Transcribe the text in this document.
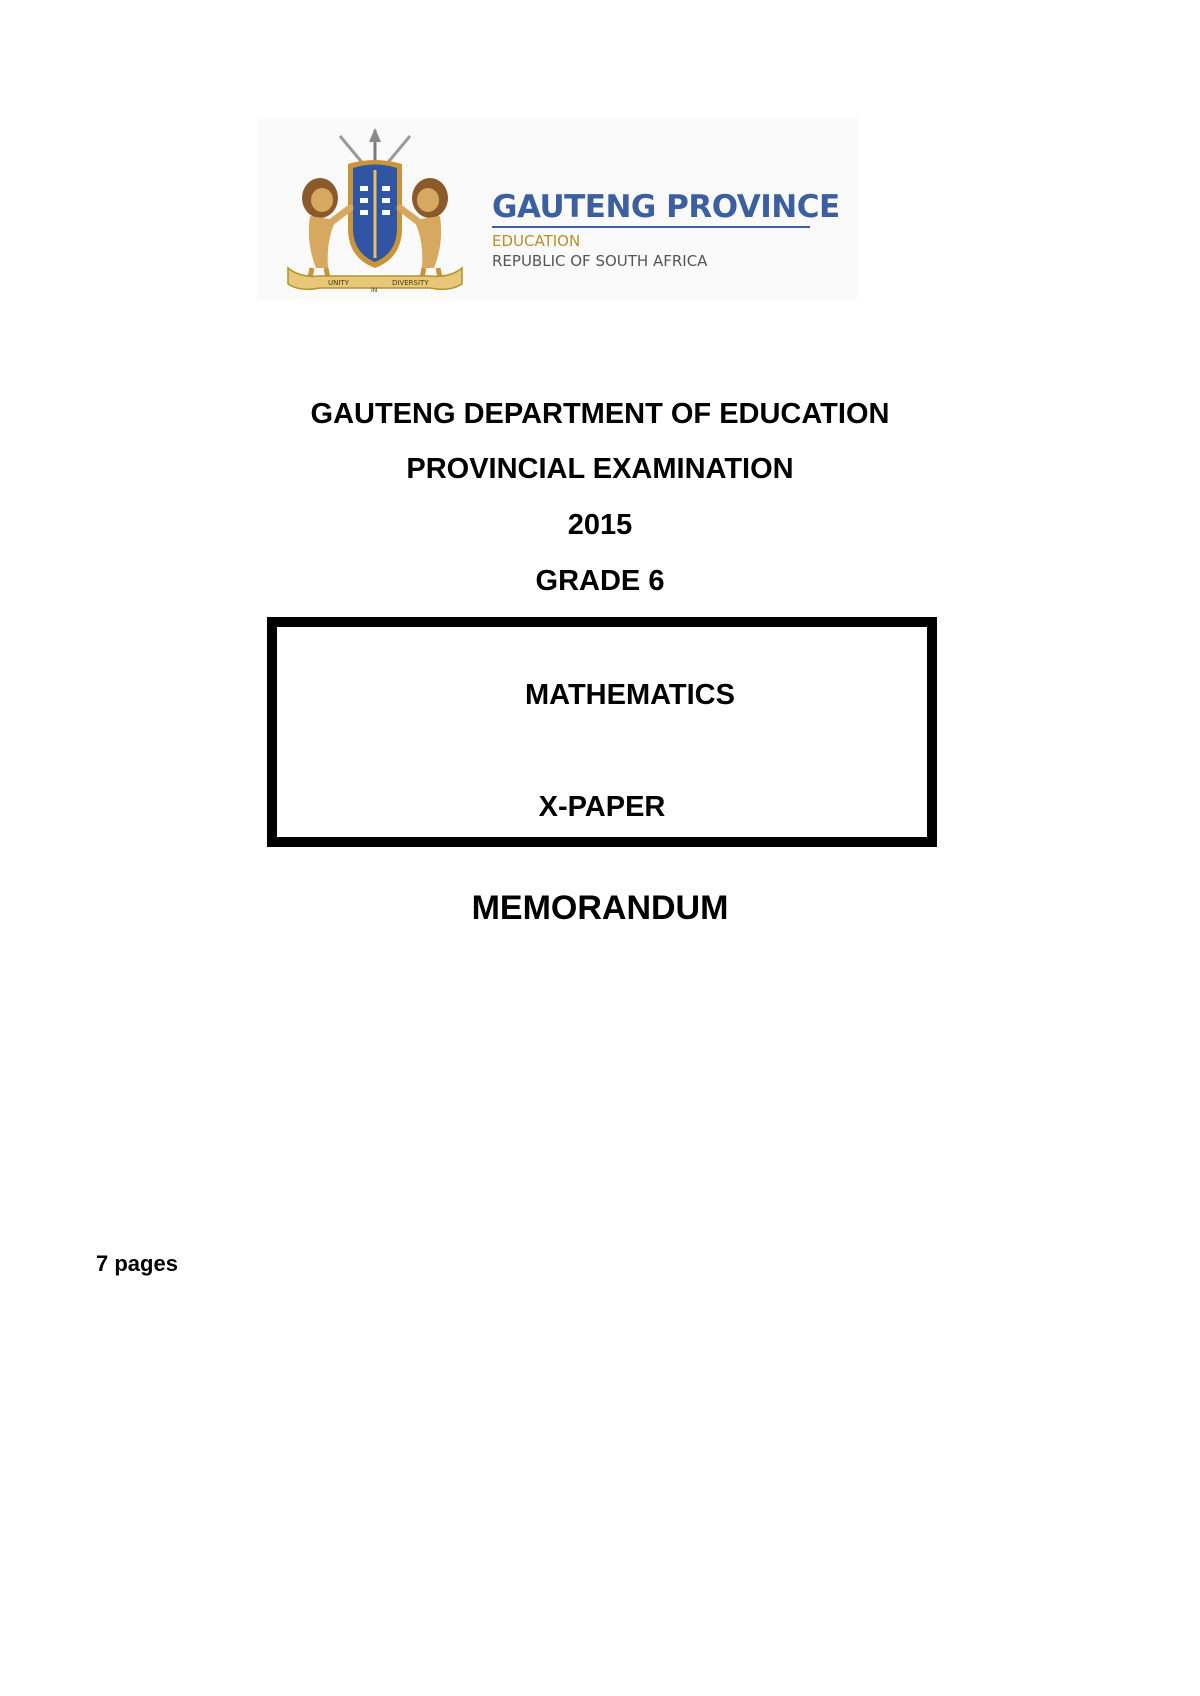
UNITY
IN
DIVERSITY
GAUTENG PROVINCE
EDUCATION
REPUBLIC OF SOUTH AFRICA
GAUTENG DEPARTMENT OF EDUCATION
PROVINCIAL EXAMINATION
2015
GRADE 6
MATHEMATICS
X-PAPER
MEMORANDUM
7 pages
